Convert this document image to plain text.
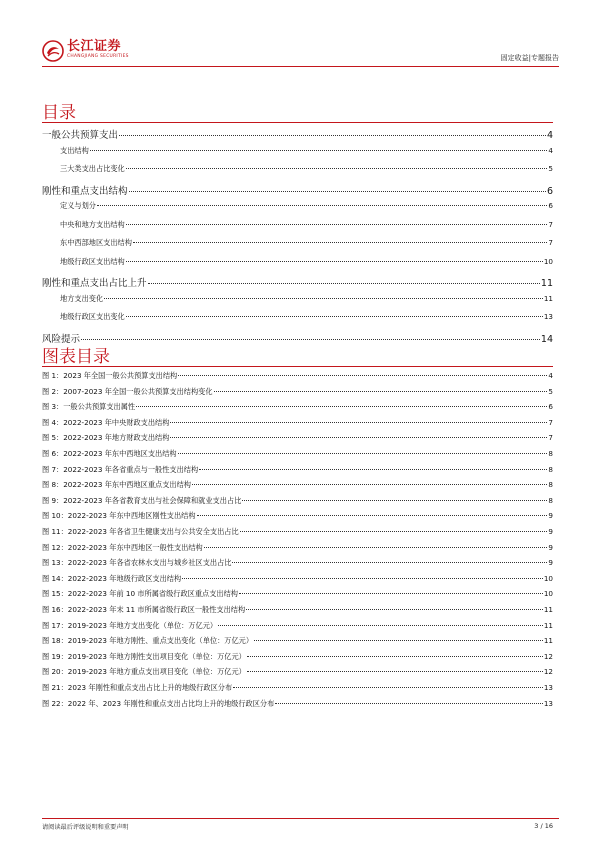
长江证券
CHANGJIANG SECURITIES	固定收益|专题报告
目录
一般公共预算支出	4
支出结构	4
三大类支出占比变化	5
刚性和重点支出结构	6
定义与划分	6
中央和地方支出结构	7
东中西部地区支出结构	7
地级行政区支出结构	10
刚性和重点支出占比上升	11
地方支出变化	11
地级行政区支出变化	13
风险提示	14
图表目录
图 1：2023 年全国一般公共预算支出结构	4
图 2：2007-2023 年全国一般公共预算支出结构变化	5
图 3：一般公共预算支出属性	6
图 4：2022-2023 年中央财政支出结构	7
图 5：2022-2023 年地方财政支出结构	7
图 6：2022-2023 年东中西地区支出结构	8
图 7：2022-2023 年各省重点与一般性支出结构	8
图 8：2022-2023 年东中西地区重点支出结构	8
图 9：2022-2023 年各省教育支出与社会保障和就业支出占比	8
图 10：2022-2023 年东中西地区刚性支出结构	9
图 11：2022-2023 年各省卫生健康支出与公共安全支出占比	9
图 12：2022-2023 年东中西地区一般性支出结构	9
图 13：2022-2023 年各省农林水支出与城乡社区支出占比	9
图 14：2022-2023 年地级行政区支出结构	10
图 15：2022-2023 年前 10 市所属省级行政区重点支出结构	10
图 16：2022-2023 年末 11 市所属省级行政区一般性支出结构	11
图 17：2019-2023 年地方支出变化（单位：万亿元）	11
图 18：2019-2023 年地方刚性、重点支出变化（单位：万亿元）	11
图 19：2019-2023 年地方刚性支出项目变化（单位：万亿元）	12
图 20：2019-2023 年地方重点支出项目变化（单位：万亿元）	12
图 21：2023 年刚性和重点支出占比上升的地级行政区分布	13
图 22：2022 年、2023 年刚性和重点支出占比均上升的地级行政区分布	13
请阅读最后评级说明和重要声明	3 / 16
